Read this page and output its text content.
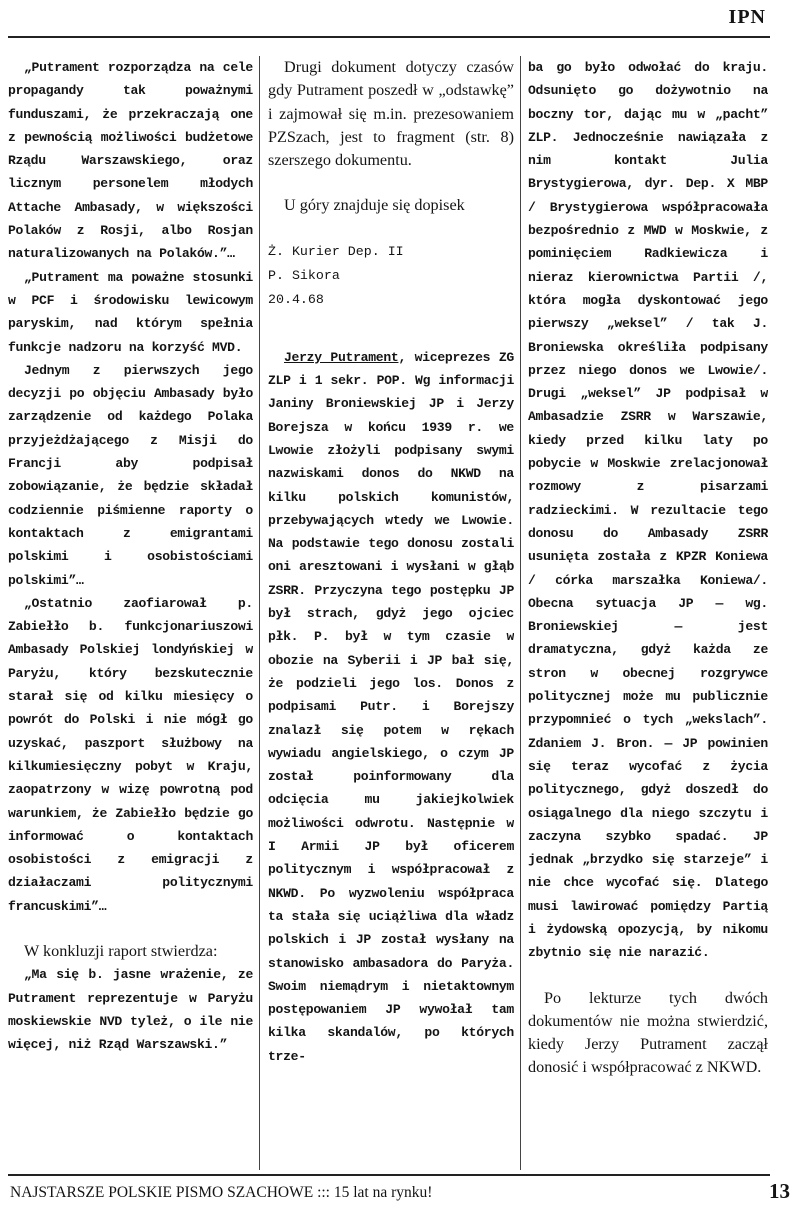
IPN

„Putrament rozporządza na cele propagandy tak poważnymi funduszami, że przekraczają one z pewnością możliwości budżetowe Rządu Warszawskiego, oraz licznym personelem młodych Attache Ambasady, w większości Polaków z Rosji, albo Rosjan naturalizowanych na Polaków.”…

„Putrament ma poważne stosunki w PCF i środowisku lewicowym paryskim, nad którym spełnia funkcje nadzoru na korzyść MVD.

Jednym z pierwszych jego decyzji po objęciu Ambasady było zarządzenie od każdego Polaka przyjeżdżającego z Misji do Francji aby podpisał zobowiązanie, że będzie składał codziennie piśmienne raporty o kontaktach z emigrantami polskimi i osobistościami polskimi”…

„Ostatnio zaofiarował p. Zabiełło b. funkcjonariuszowi Ambasady Polskiej londyńskiej w Paryżu, który bezskutecznie starał się od kilku miesięcy o powrót do Polski i nie mógł go uzyskać, paszport służbowy na kilkumiesięczny pobyt w Kraju, zaopatrzony w wizę powrotną pod warunkiem, że Zabiełło będzie go informować o kontaktach osobistości z emigracji z działaczami politycznymi francuskimi”…

W konkluzji raport stwierdza:

„Ma się b. jasne wrażenie, ze Putrament reprezentuje w Paryżu moskiewskie NVD tyleż, o ile nie więcej, niż Rząd Warszawski.”

Drugi dokument dotyczy czasów gdy Putrament poszedł w „odstawkę” i zajmował się m.in. prezesowaniem PZSzach, jest to fragment (str. 8) szerszego dokumentu.

U góry znajduje się dopisek

Ż. Kurier Dep. II

P. Sikora

20.4.68

Jerzy Putrament, wiceprezes ZG ZLP i 1 sekr. POP. Wg informacji Janiny Broniewskiej JP i Jerzy Borejsza w końcu 1939 r. we Lwowie złożyli podpisany swymi nazwiskami donos do NKWD na kilku polskich komunistów, przebywających wtedy we Lwowie. Na podstawie tego donosu zostali oni aresztowani i wysłani w głąb ZSRR. Przyczyna tego postępku JP był strach, gdyż jego ojciec płk. P. był w tym czasie w obozie na Syberii i JP bał się, że podzieli jego los. Donos z podpisami Putr. i Borejszy znalazł się potem w rękach wywiadu angielskiego, o czym JP został poinformowany dla odcięcia mu jakiejkolwiek możliwości odwrotu. Następnie w I Armii JP był oficerem politycznym i współpracował z NKWD. Po wyzwoleniu współpraca ta stała się uciążliwa dla władz polskich i JP został wysłany na stanowisko ambasadora do Paryża. Swoim niemądrym i nietaktownym postępowaniem JP wywołał tam kilka skandalów, po których trze-

ba go było odwołać do kraju. Odsunięto go dożywotnio na boczny tor, dając mu w „pacht” ZLP. Jednocześnie nawiązała z nim kontakt Julia Brystygierowa, dyr. Dep. X MBP / Brystygierowa współpracowała bezpośrednio z MWD w Moskwie, z pominięciem Radkiewicza i nieraz kierownictwa Partii /, która mogła dyskontować jego pierwszy „weksel” / tak J. Broniewska określiła podpisany przez niego donos we Lwowie/. Drugi „weksel” JP podpisał w Ambasadzie ZSRR w Warszawie, kiedy przed kilku laty po pobycie w Moskwie zrelacjonował rozmowy z pisarzami radzieckimi. W rezultacie tego donosu do Ambasady ZSRR usunięta została z KPZR Koniewa / córka marszałka Koniewa/. Obecna sytuacja JP — wg. Broniewskiej — jest dramatyczna, gdyż każda ze stron w obecnej rozgrywce politycznej może mu publicznie przypomnieć o tych „wekslach”. Zdaniem J. Bron. — JP powinien się teraz wycofać z życia politycznego, gdyż doszedł do osiągalnego dla niego szczytu i zaczyna szybko spadać. JP jednak „brzydko się starzeje” i nie chce wycofać się. Dlatego musi lawirować pomiędzy Partią i żydowską opozycją, by nikomu zbytnio się nie narazić.

Po lekturze tych dwóch dokumentów nie można stwierdzić, kiedy Jerzy Putrament zaczął donosić i współpracować z NKWD.

NAJSTARSZE POLSKIE PISMO SZACHOWE ::: 15 lat na rynku!	13
